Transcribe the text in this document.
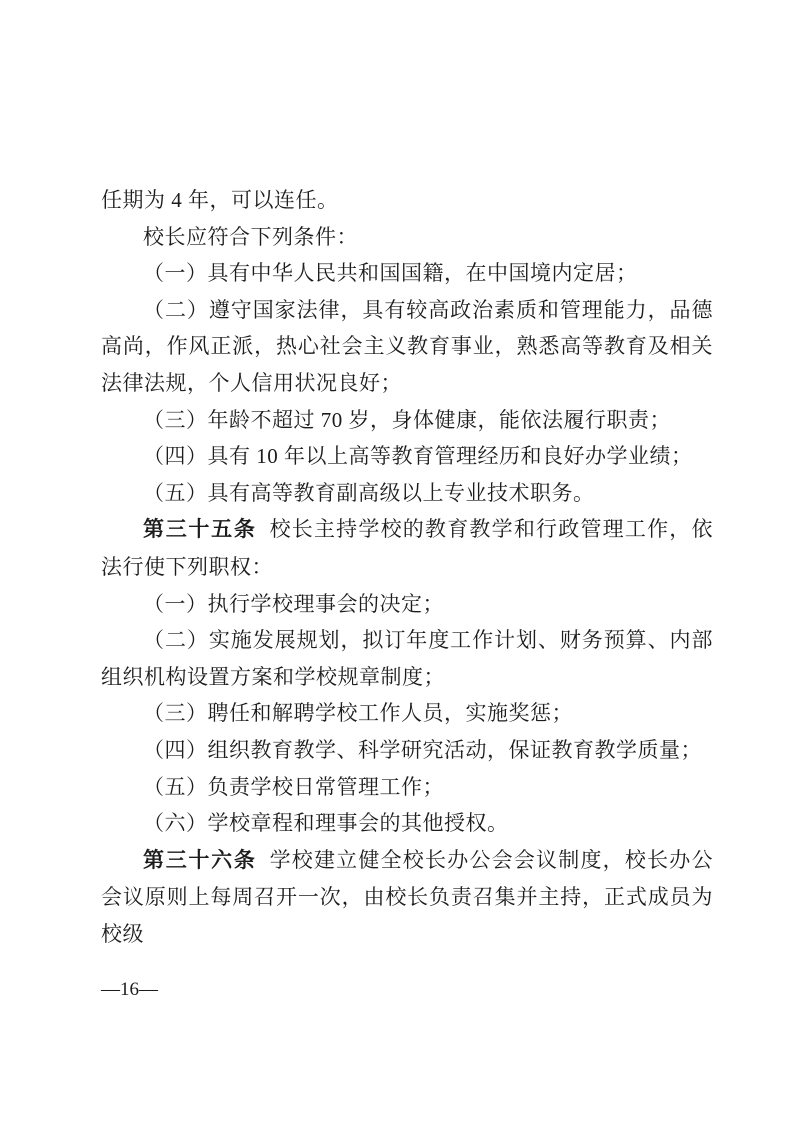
任期为 4 年，可以连任。

校长应符合下列条件：

（一）具有中华人民共和国国籍，在中国境内定居；

（二）遵守国家法律，具有较高政治素质和管理能力，品德高尚，作风正派，热心社会主义教育事业，熟悉高等教育及相关法律法规，个人信用状况良好；

（三）年龄不超过 70 岁，身体健康，能依法履行职责；

（四）具有 10 年以上高等教育管理经历和良好办学业绩；

（五）具有高等教育副高级以上专业技术职务。

第三十五条 校长主持学校的教育教学和行政管理工作，依法行使下列职权：

（一）执行学校理事会的决定；

（二）实施发展规划，拟订年度工作计划、财务预算、内部组织机构设置方案和学校规章制度；

（三）聘任和解聘学校工作人员，实施奖惩；

（四）组织教育教学、科学研究活动，保证教育教学质量；

（五）负责学校日常管理工作；

（六）学校章程和理事会的其他授权。

第三十六条 学校建立健全校长办公会会议制度，校长办公会议原则上每周召开一次，由校长负责召集并主持，正式成员为校级

—16—
